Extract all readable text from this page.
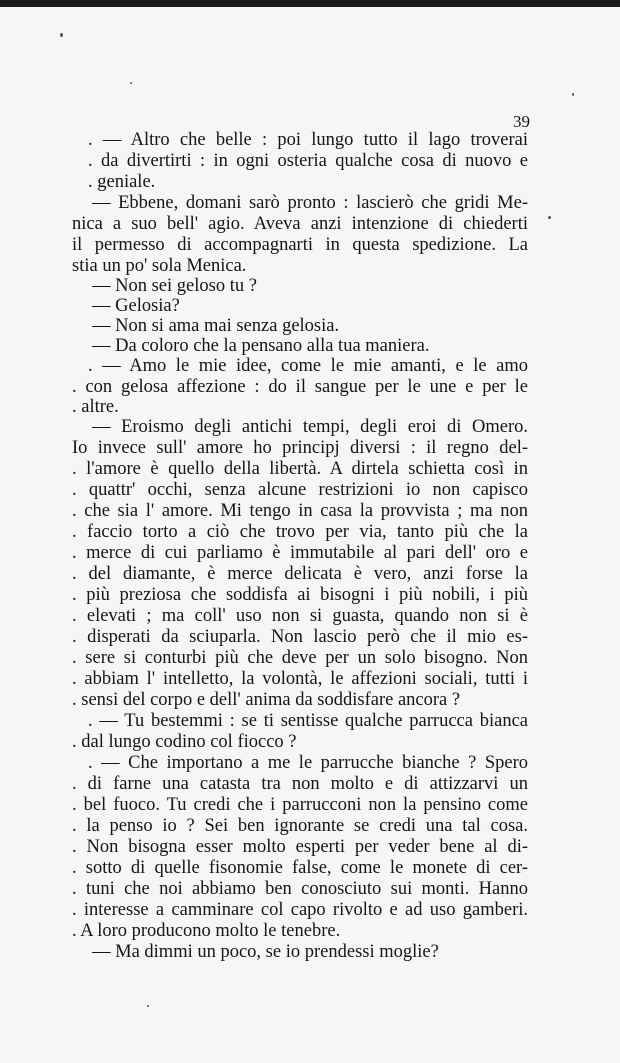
39
. — Altro che belle : poi lungo tutto il lago troverai
. da divertirti : in ogni osteria qualche cosa di nuovo e
. geniale.
— Ebbene, domani sarò pronto : lascierò che gridi Me-
nica a suo bell' agio. Aveva anzi intenzione di chiederti
il permesso di accompagnarti in questa spedizione. La
stia un po' sola Menica.
— Non sei geloso tu ?
— Gelosia?
— Non si ama mai senza gelosia.
— Da coloro che la pensano alla tua maniera.
. — Amo le mie idee, come le mie amanti, e le amo
. con gelosa affezione : do il sangue per le une e per le
. altre.
— Eroismo degli antichi tempi, degli eroi di Omero.
Io invece sull' amore ho principj diversi : il regno del-
. l'amore è quello della libertà. A dirtela schietta così in
. quattr' occhi, senza alcune restrizioni io non capisco
. che sia l' amore. Mi tengo in casa la provvista ; ma non
. faccio torto a ciò che trovo per via, tanto più che la
. merce di cui parliamo è immutabile al pari dell' oro e
. del diamante, è merce delicata è vero, anzi forse la
. più preziosa che soddisfa ai bisogni i più nobili, i più
. elevati ; ma coll' uso non si guasta, quando non si è
. disperati da sciuparla. Non lascio però che il mio es-
. sere si conturbi più che deve per un solo bisogno. Non
. abbiam l' intelletto, la volontà, le affezioni sociali, tutti i
. sensi del corpo e dell' anima da soddisfare ancora ?
. — Tu bestemmi : se ti sentisse qualche parrucca bianca
. dal lungo codino col fiocco ?
. — Che importano a me le parrucche bianche ? Spero
. di farne una catasta tra non molto e di attizzarvi un
. bel fuoco. Tu credi che i parrucconi non la pensino come
. la penso io ? Sei ben ignorante se credi una tal cosa.
. Non bisogna esser molto esperti per veder bene al di-
. sotto di quelle fisonomie false, come le monete di cer-
. tuni che noi abbiamo ben conosciuto sui monti. Hanno
. interesse a camminare col capo rivolto e ad uso gamberi.
. A loro producono molto le tenebre.
— Ma dimmi un poco, se io prendessi moglie?
